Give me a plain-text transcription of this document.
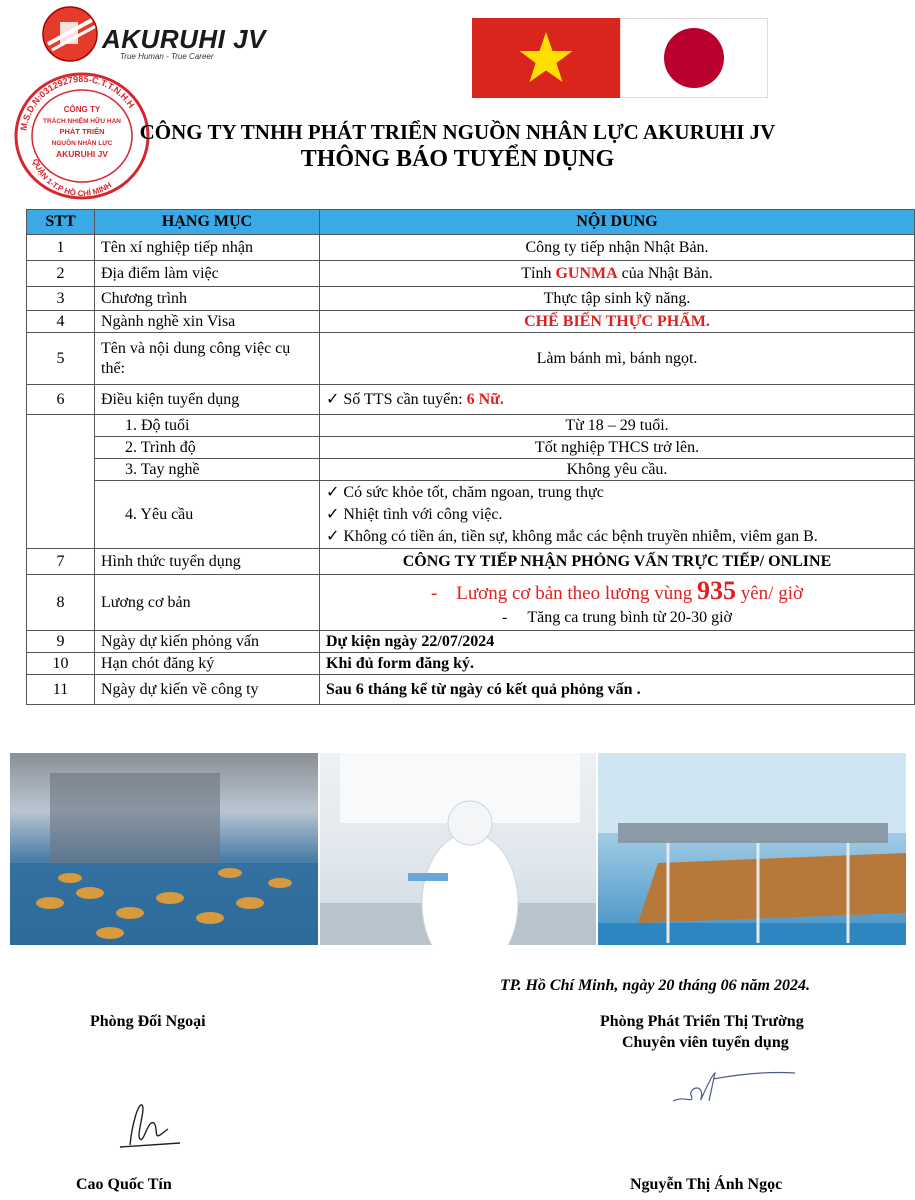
AKURUHI JV
True Human - True Career
M.S.D.N:0312927985-C.T.T.N.H.H
QUẬN 1-T.P HỒ CHÍ MINH
CÔNG TY
TRÁCH NHIỆM HỮU HẠN
PHÁT TRIỂN
NGUỒN NHÂN LỰC
AKURUHI JV
CÔNG TY TNHH PHÁT TRIỂN NGUỒN NHÂN LỰC AKURUHI JV
THÔNG BÁO TUYỂN DỤNG
STT	HẠNG MỤC	NỘI DUNG
1	Tên xí nghiệp tiếp nhận	Công ty tiếp nhận Nhật Bản.
2	Địa điểm làm việc	Tỉnh GUNMA của Nhật Bản.
3	Chương trình	Thực tập sinh kỹ năng.
4	Ngành nghề xin Visa	CHẾ BIẾN THỰC PHẨM.
5	Tên và nội dung công việc cụ thể:	Làm bánh mì, bánh ngọt.
6	Điều kiện tuyển dụng	✓ Số TTS cần tuyển: 6 Nữ.
	1. Độ tuổi	Từ 18 – 29 tuổi.
	2. Trình độ	Tốt nghiệp THCS trở lên.
	3. Tay nghề	Không yêu cầu.
	4. Yêu cầu	✓ Có sức khỏe tốt, chăm ngoan, trung thực
✓ Nhiệt tình với công việc.
✓ Không có tiền án, tiền sự, không mắc các bệnh truyền nhiễm, viêm gan B.

7	Hình thức tuyển dụng	CÔNG TY TIẾP NHẬN PHỎNG VẤN TRỰC TIẾP/ ONLINE
8	Lương cơ bản	-    Lương cơ bản theo lương vùng 935 yên/ giờ
-     Tăng ca trung bình từ 20-30 giờ

9	Ngày dự kiến phỏng vấn	Dự kiện ngày 22/07/2024
10	Hạn chót đăng ký	Khi đủ form đăng ký.
11	Ngày dự kiến về công ty	Sau 6 tháng kể từ ngày có kết quả phỏng vấn .
TP. Hồ Chí Minh, ngày 20 tháng 06 năm 2024.
Phòng Đối Ngoại	Phòng Phát Triển Thị Trường
Chuyên viên tuyển dụng
Cao Quốc Tín	Nguyễn Thị Ánh Ngọc
